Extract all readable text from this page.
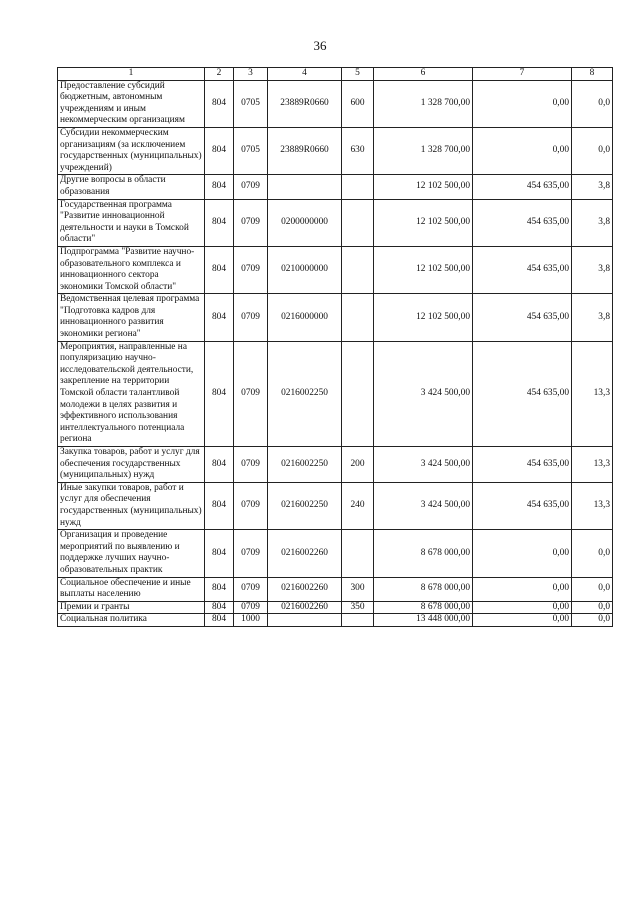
36
1	2	3	4	5	6	7	8
Предоставление субсидий бюджетным, автономным учреждениям и иным некоммерческим организациям	804	0705	23889R0660	600	1 328 700,00	0,00	0,0
Субсидии некоммерческим организациям (за исключением государственных (муниципальных) учреждений)	804	0705	23889R0660	630	1 328 700,00	0,00	0,0
Другие вопросы в области образования	804	0709			12 102 500,00	454 635,00	3,8
Государственная программа "Развитие инновационной деятельности и науки в Томской области"	804	0709	0200000000		12 102 500,00	454 635,00	3,8
Подпрограмма "Развитие научно-образовательного комплекса и инновационного сектора экономики Томской области"	804	0709	0210000000		12 102 500,00	454 635,00	3,8
Ведомственная целевая программа "Подготовка кадров для инновационного развития экономики региона"	804	0709	0216000000		12 102 500,00	454 635,00	3,8
Мероприятия, направленные на популяризацию научно-исследовательской деятельности, закрепление на территории Томской области талантливой молодежи в целях развития и эффективного использования интеллектуального потенциала региона	804	0709	0216002250		3 424 500,00	454 635,00	13,3
Закупка товаров, работ и услуг для обеспечения государственных (муниципальных) нужд	804	0709	0216002250	200	3 424 500,00	454 635,00	13,3
Иные закупки товаров, работ и услуг для обеспечения государственных (муниципальных) нужд	804	0709	0216002250	240	3 424 500,00	454 635,00	13,3
Организация и проведение мероприятий по выявлению и поддержке лучших научно-образовательных практик	804	0709	0216002260		8 678 000,00	0,00	0,0
Социальное обеспечение и иные выплаты населению	804	0709	0216002260	300	8 678 000,00	0,00	0,0
Премии и гранты	804	0709	0216002260	350	8 678 000,00	0,00	0,0
Социальная политика	804	1000			13 448 000,00	0,00	0,0
